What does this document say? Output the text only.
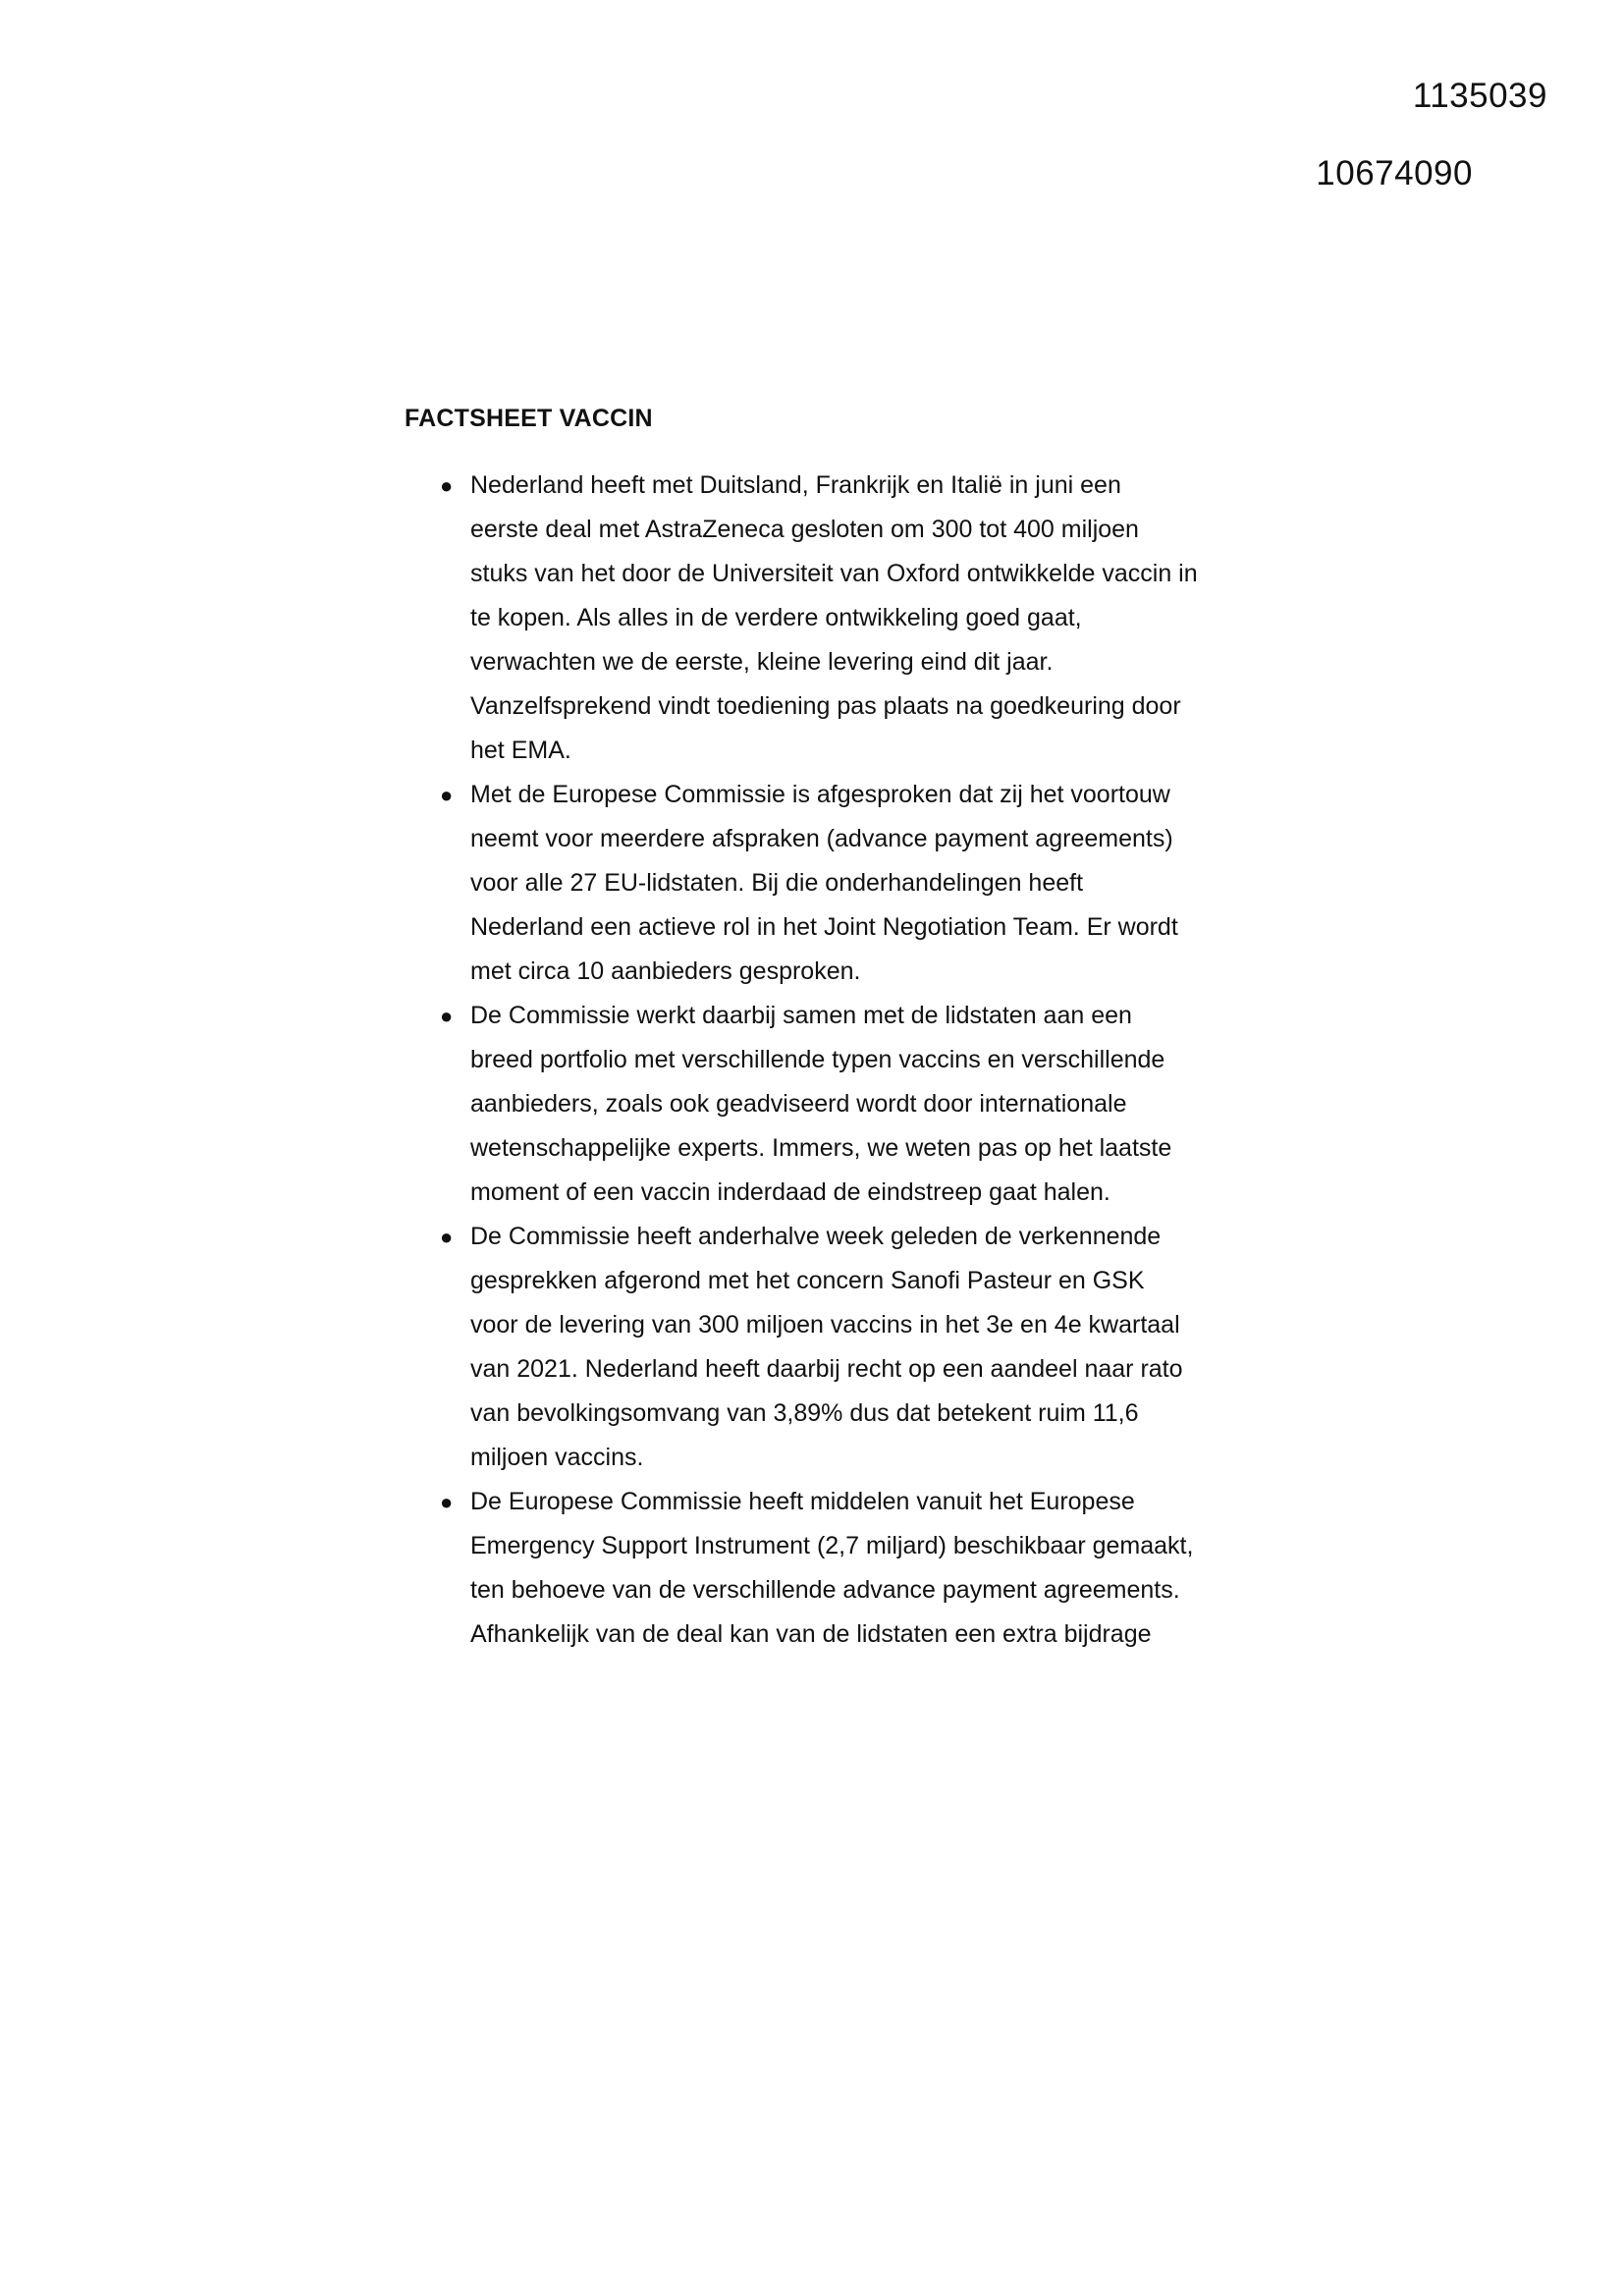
1135039
10674090
FACTSHEET VACCIN
● Nederland heeft met Duitsland, Frankrijk en Italië in juni een
eerste deal met AstraZeneca gesloten om 300 tot 400 miljoen
stuks van het door de Universiteit van Oxford ontwikkelde vaccin in
te kopen. Als alles in de verdere ontwikkeling goed gaat,
verwachten we de eerste, kleine levering eind dit jaar.
Vanzelfsprekend vindt toediening pas plaats na goedkeuring door
het EMA.
● Met de Europese Commissie is afgesproken dat zij het voortouw
neemt voor meerdere afspraken (advance payment agreements)
voor alle 27 EU-lidstaten. Bij die onderhandelingen heeft
Nederland een actieve rol in het Joint Negotiation Team. Er wordt
met circa 10 aanbieders gesproken.
● De Commissie werkt daarbij samen met de lidstaten aan een
breed portfolio met verschillende typen vaccins en verschillende
aanbieders, zoals ook geadviseerd wordt door internationale
wetenschappelijke experts. Immers, we weten pas op het laatste
moment of een vaccin inderdaad de eindstreep gaat halen.
● De Commissie heeft anderhalve week geleden de verkennende
gesprekken afgerond met het concern Sanofi Pasteur en GSK
voor de levering van 300 miljoen vaccins in het 3e en 4e kwartaal
van 2021. Nederland heeft daarbij recht op een aandeel naar rato
van bevolkingsomvang van 3,89% dus dat betekent ruim 11,6
miljoen vaccins.
● De Europese Commissie heeft middelen vanuit het Europese
Emergency Support Instrument (2,7 miljard) beschikbaar gemaakt,
ten behoeve van de verschillende advance payment agreements.
Afhankelijk van de deal kan van de lidstaten een extra bijdrage
